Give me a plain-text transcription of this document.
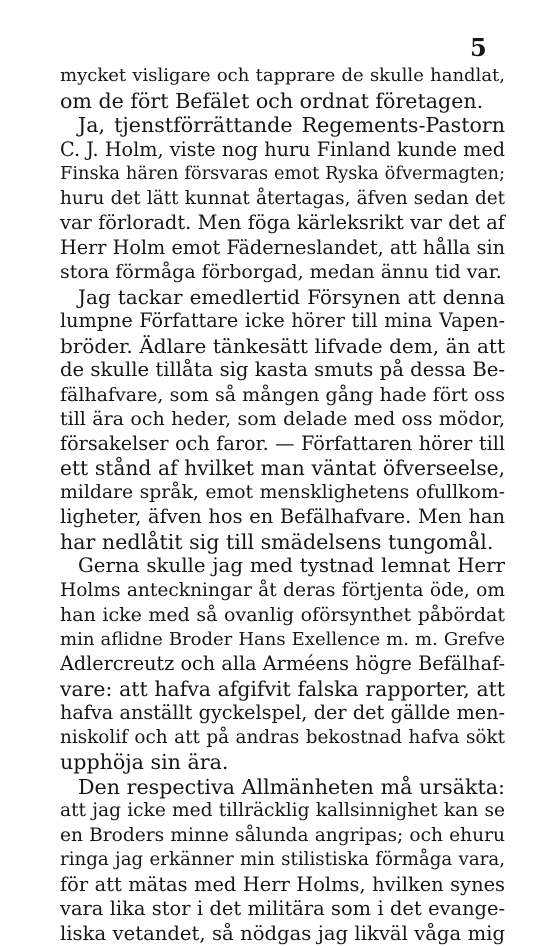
5
mycket visligare och tapprare de skulle handlat,
om de fört Befälet och ordnat företagen.
Ja, tjenstförrättande Regements-Pastorn
C. J. Holm, viste nog huru Finland kunde med
Finska hären försvaras emot Ryska öfvermagten;
huru det lätt kunnat återtagas, äfven sedan det
var förloradt. Men föga kärleksrikt var det af
Herr Holm emot Fäderneslandet, att hålla sin
stora förmåga förborgad, medan ännu tid var.
Jag tackar emedlertid Försynen att denna
lumpne Författare icke hörer till mina Vapen-
bröder. Ädlare tänkesätt lifvade dem, än att
de skulle tillåta sig kasta smuts på dessa Be-
fälhafvare, som så mången gång hade fört oss
till ära och heder, som delade med oss mödor,
försakelser och faror. — Författaren hörer till
ett stånd af hvilket man väntat öfverseelse,
mildare språk, emot mensklighetens ofullkom-
ligheter, äfven hos en Befälhafvare. Men han
har nedlåtit sig till smädelsens tungomål.
Gerna skulle jag med tystnad lemnat Herr
Holms anteckningar åt deras förtjenta öde, om
han icke med så ovanlig oförsynthet påbördat
min aflidne Broder Hans Exellence m. m. Grefve
Adlercreutz och alla Arméens högre Befälhaf-
vare: att hafva afgifvit falska rapporter, att
hafva anställt gyckelspel, der det gällde men-
niskolif och att på andras bekostnad hafva sökt
upphöja sin ära.
Den respectiva Allmänheten må ursäkta:
att jag icke med tillräcklig kallsinnighet kan se
en Broders minne sålunda angripas; och ehuru
ringa jag erkänner min stilistiska förmåga vara,
för att mätas med Herr Holms, hvilken synes
vara lika stor i det militära som i det evange-
liska vetandet, så nödgas jag likväl våga mig
